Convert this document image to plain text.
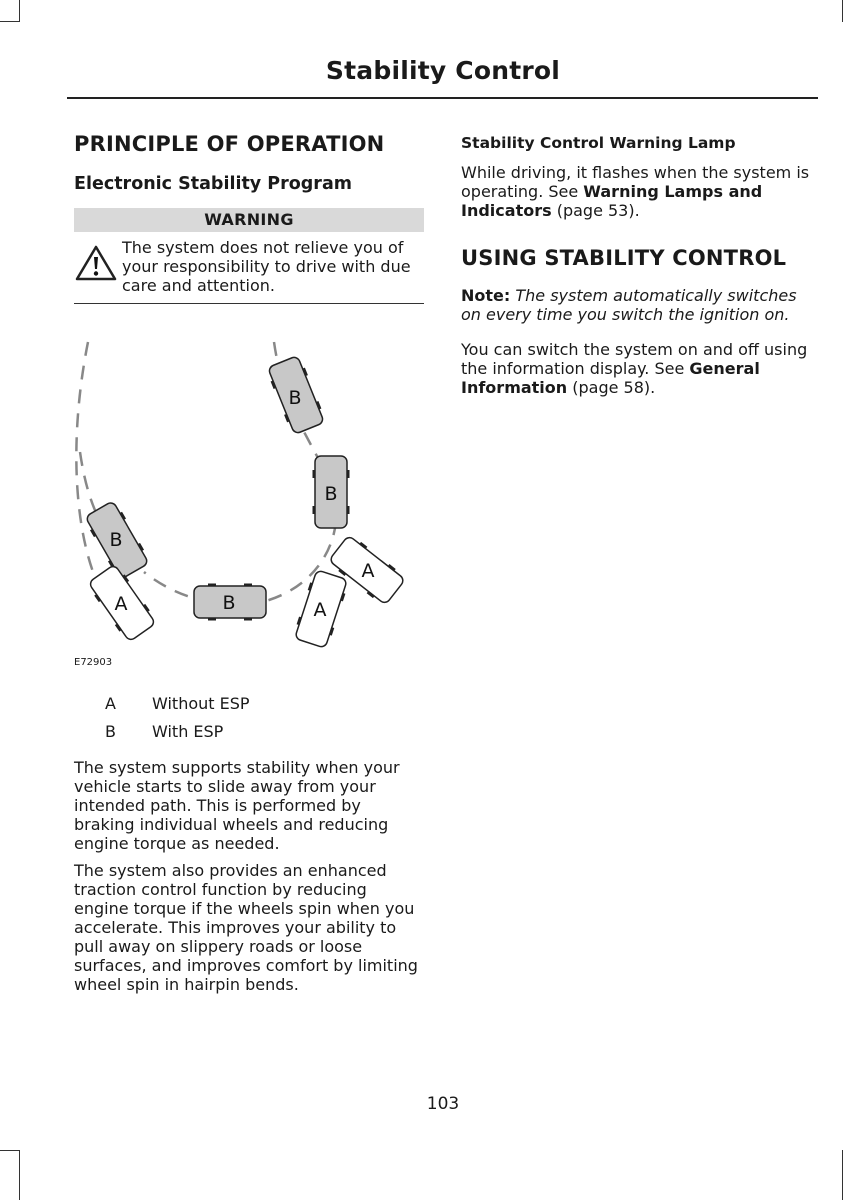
Stability Control
PRINCIPLE OF OPERATION
Electronic Stability Program
WARNING
The system does not relieve you of your responsibility to drive with due care and attention.
B
B
B
B
A
A
A
E72903
A	Without ESP
B	With ESP

The system supports stability when your vehicle starts to slide away from your intended path. This is performed by braking individual wheels and reducing engine torque as needed.

The system also provides an enhanced traction control function by reducing engine torque if the wheels spin when you accelerate. This improves your ability to pull away on slippery roads or loose surfaces, and improves comfort by limiting wheel spin in hairpin bends.

Stability Control Warning Lamp

While driving, it flashes when the system is operating. See Warning Lamps and Indicators (page 53).

USING STABILITY CONTROL

Note: The system automatically switches on every time you switch the ignition on.

You can switch the system on and off using the information display. See General Information (page 58).

103
